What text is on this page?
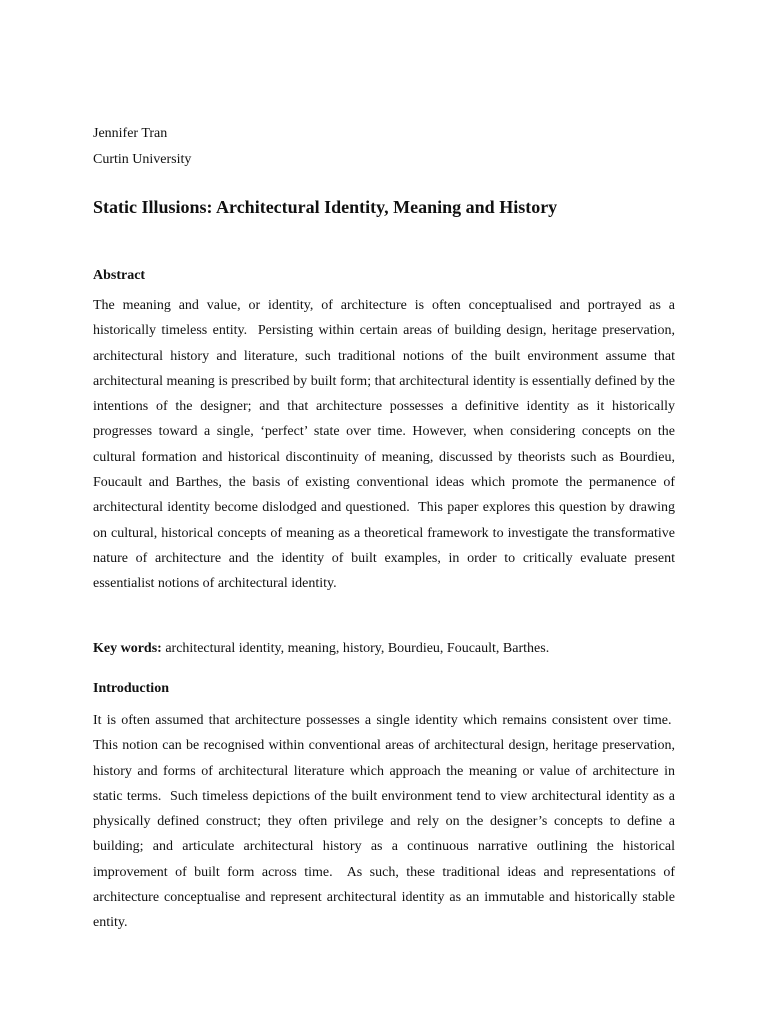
Jennifer Tran
Curtin University
Static Illusions: Architectural Identity, Meaning and History
Abstract

The meaning and value, or identity, of architecture is often conceptualised and portrayed as a historically timeless entity.  Persisting within certain areas of building design, heritage preservation, architectural history and literature, such traditional notions of the built environment assume that architectural meaning is prescribed by built form; that architectural identity is essentially defined by the intentions of the designer; and that architecture possesses a definitive identity as it historically progresses toward a single, ‘perfect’ state over time. However, when considering concepts on the cultural formation and historical discontinuity of meaning, discussed by theorists such as Bourdieu, Foucault and Barthes, the basis of existing conventional ideas which promote the permanence of architectural identity become dislodged and questioned.  This paper explores this question by drawing on cultural, historical concepts of meaning as a theoretical framework to investigate the transformative nature of architecture and the identity of built examples, in order to critically evaluate present essentialist notions of architectural identity.

Key words: architectural identity, meaning, history, Bourdieu, Foucault, Barthes.
Introduction

It is often assumed that architecture possesses a single identity which remains consistent over time.  This notion can be recognised within conventional areas of architectural design, heritage preservation, history and forms of architectural literature which approach the meaning or value of architecture in static terms.  Such timeless depictions of the built environment tend to view architectural identity as a physically defined construct; they often privilege and rely on the designer’s concepts to define a building; and articulate architectural history as a continuous narrative outlining the historical improvement of built form across time.  As such, these traditional ideas and representations of architecture conceptualise and represent architectural identity as an immutable and historically stable entity.
